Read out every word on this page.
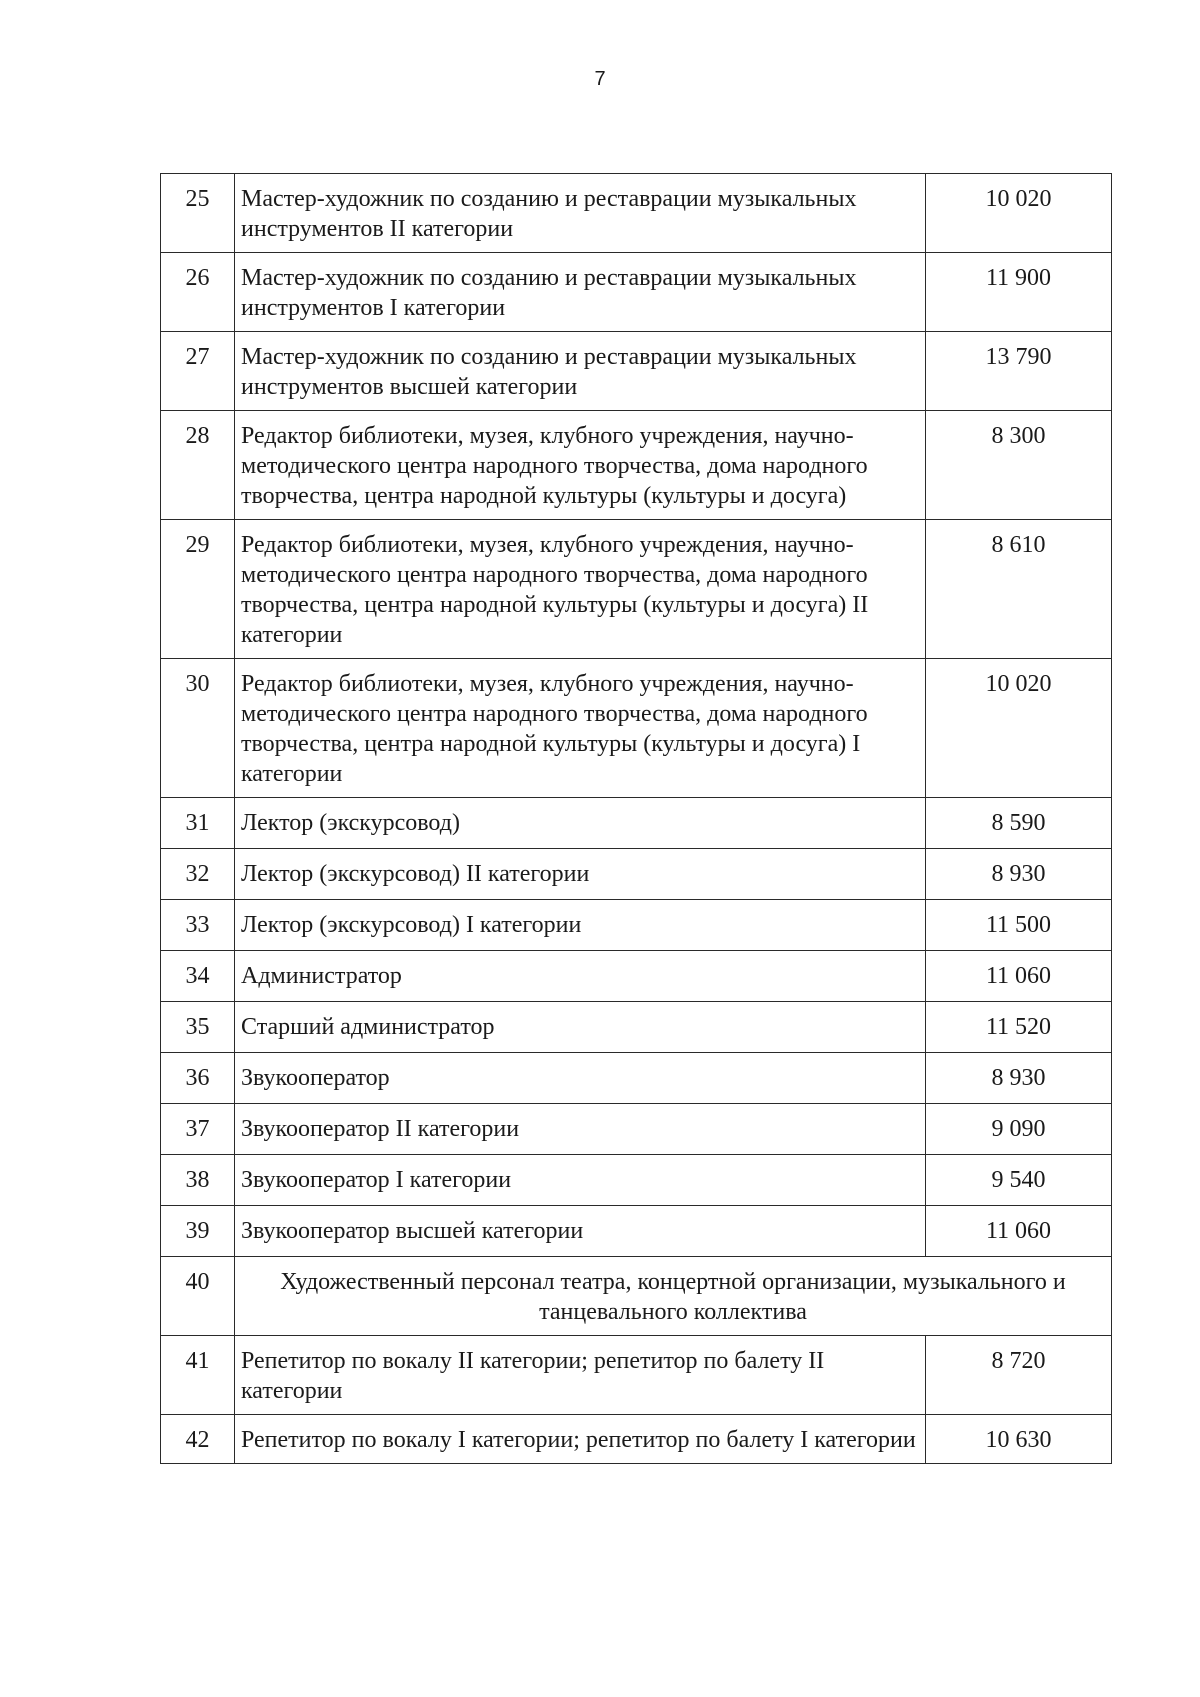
7
25	Мастер-художник по созданию и реставрации музыкальных инструментов II категории	10 020
26	Мастер-художник по созданию и реставрации музыкальных инструментов I категории	11 900
27	Мастер-художник по созданию и реставрации музыкальных инструментов высшей категории	13 790
28	Редактор библиотеки, музея, клубного учреждения, научно-методического центра народного творчества, дома народного творчества, центра народной культуры (культуры и досуга)	8 300
29	Редактор библиотеки, музея, клубного учреждения, научно-методического центра народного творчества, дома народного творчества, центра народной культуры (культуры и досуга) II категории	8 610
30	Редактор библиотеки, музея, клубного учреждения, научно-методического центра народного творчества, дома народного творчества, центра народной культуры (культуры и досуга) I категории	10 020
31	Лектор (экскурсовод)	8 590
32	Лектор (экскурсовод) II категории	8 930
33	Лектор (экскурсовод) I категории	11 500
34	Администратор	11 060
35	Старший администратор	11 520
36	Звукооператор	8 930
37	Звукооператор II категории	9 090
38	Звукооператор I категории	9 540
39	Звукооператор высшей категории	11 060
40	Художественный персонал театра, концертной организации, музыкального и танцевального коллектива	
41	Репетитор по вокалу II категории; репетитор по балету II категории	8 720
42	Репетитор по вокалу I категории; репетитор по балету I категории	10 630
